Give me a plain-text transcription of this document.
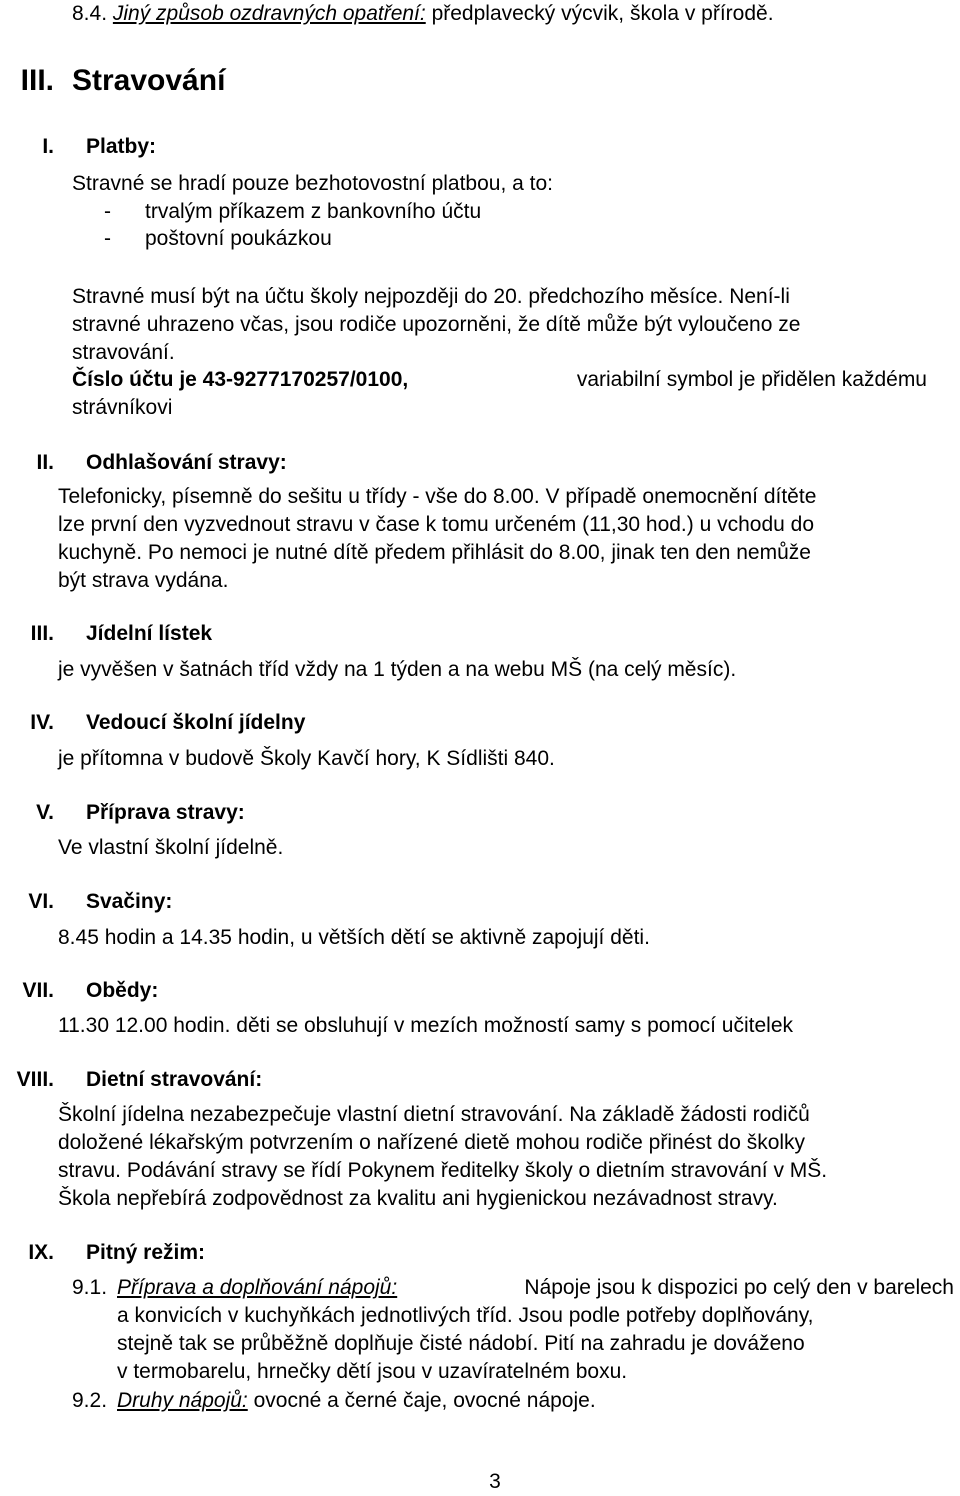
8.4. Jiný způsob ozdravných opatření: předplavecký výcvik, škola v přírodě.
III. Stravování
I. Platby:
Stravné se hradí pouze bezhotovostní platbou, a to:
- trvalým příkazem z bankovního účtu
- poštovní poukázkou
Stravné musí být na účtu školy nejpozději do 20. předchozího měsíce. Není-li
stravné uhrazeno včas, jsou rodiče upozorněni, že dítě může být vyloučeno ze
stravování.
Číslo účtu je 43-9277170257/0100,	variabilní symbol je přidělen každému
strávníkovi
II. Odhlašování stravy:
Telefonicky, písemně do sešitu u třídy - vše do 8.00. V případě onemocnění dítěte
lze první den vyzvednout stravu v čase k tomu určeném (11,30 hod.) u vchodu do
kuchyně. Po nemoci je nutné dítě předem přihlásit do 8.00, jinak ten den nemůže
být strava vydána.
III. Jídelní lístek
je vyvěšen v šatnách tříd vždy na 1 týden a na webu MŠ (na celý měsíc).
IV. Vedoucí školní jídelny
je přítomna v budově Školy Kavčí hory, K Sídlišti 840.
V. Příprava stravy:
Ve vlastní školní jídelně.
VI. Svačiny:
8.45 hodin a 14.35 hodin, u větších dětí se aktivně zapojují děti.
VII. Obědy:
11.30 12.00 hodin. děti se obsluhují v mezích možností samy s pomocí učitelek
VIII. Dietní stravování:
Školní jídelna nezabezpečuje vlastní dietní stravování. Na základě žádosti rodičů
doložené lékařským potvrzením o nařízené dietě mohou rodiče přinést do školky
stravu. Podávání stravy se řídí Pokynem ředitelky školy o dietním stravování v MŠ.
Škola nepřebírá zodpovědnost za kvalitu ani hygienickou nezávadnost stravy.
IX. Pitný režim:
9.1. Příprava a doplňování nápojů:	Nápoje jsou k dispozici po celý den v barelech
a konvicích v kuchyňkách jednotlivých tříd. Jsou podle potřeby doplňovány,
stejně tak se průběžně doplňuje čisté nádobí. Pití na zahradu je dováženo
v termobarelu, hrnečky dětí jsou v uzavíratelném boxu.
9.2. Druhy nápojů: ovocné a černé čaje, ovocné nápoje.
3
